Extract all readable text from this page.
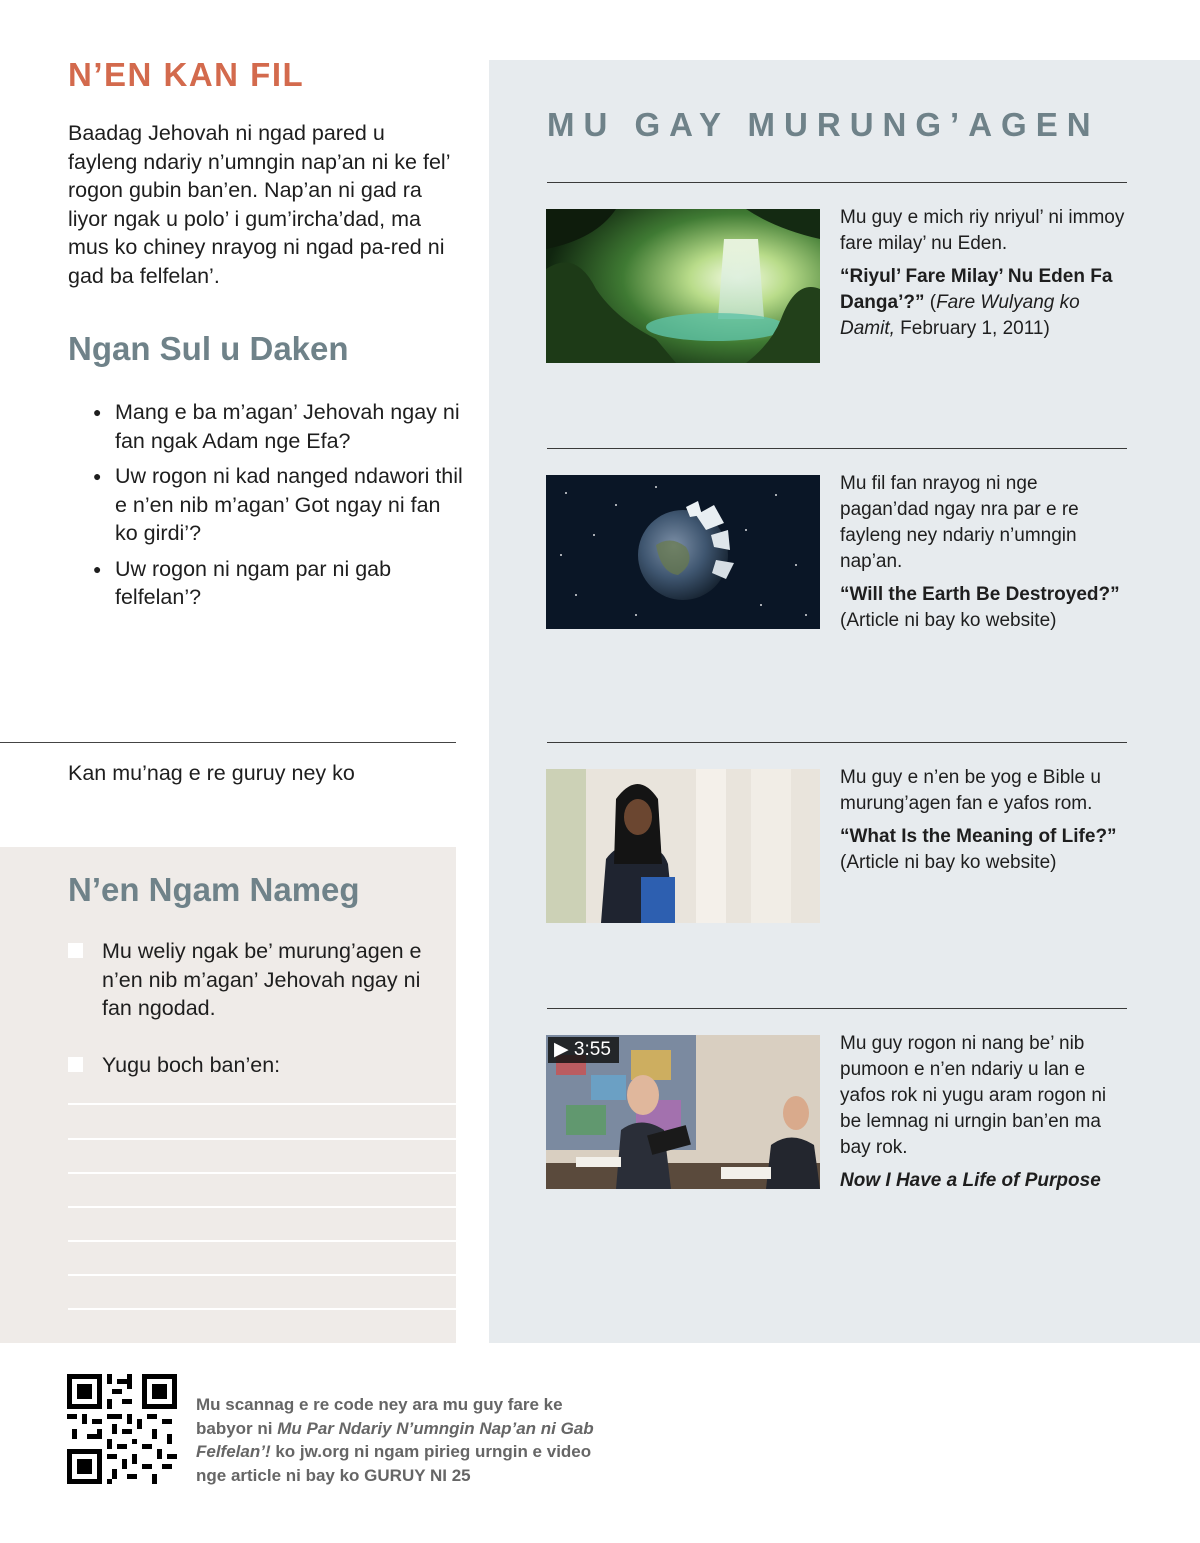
N’EN KAN FIL

Baadag Jehovah ni ngad pared u fayleng ndariy n’umngin nap’an ni ke fel’ rogon gubin ban’en. Nap’an ni gad ra liyor ngak u polo’ i gum’ircha’dad, ma mus ko chiney nrayog ni ngad pa-red ni gad ba felfelan’.

Ngan Sul u Daken
● Mang e ba m’agan’ Jehovah ngay ni fan ngak Adam nge Efa?
● Uw rogon ni kad nanged ndawori thil e n’en nib m’agan’ Got ngay ni fan ko girdi’?
● Uw rogon ni ngam par ni gab felfelan’?
Kan mu’nag e re guruy ney ko
N’en Ngam Nameg
Mu weliy ngak be’ murung’agen e n’en nib m’agan’ Jehovah ngay ni fan ngodad.
Yugu boch ban’en:
MU GAY MURUNG’AGEN
Mu guy e mich riy nriyul’ ni immoy fare milay’ nu Eden.
“Riyul’ Fare Milay’ Nu Eden Fa Danga’?” (Fare Wulyang ko Damit, February 1, 2011)
Mu fil fan nrayog ni nge pagan’dad ngay nra par e re fayleng ney ndariy n’umngin nap’an.
“Will the Earth Be Destroyed?”
(Article ni bay ko website)
Mu guy e n’en be yog e Bible u murung’agen fan e yafos rom.
“What Is the Meaning of Life?” (Article ni bay ko website)
▶ 3:55	Mu guy rogon ni nang be’ nib pumoon e n’en ndariy u lan e yafos rok ni yugu aram rogon ni be lemnag ni urngin ban’en ma bay rok.
Now I Have a Life of Purpose

Mu scannag e re code ney ara mu guy fare ke babyor ni Mu Par Ndariy N’umngin Nap’an ni Gab Felfelan’! ko jw.org ni ngam pirieg urngin e video nge article ni bay ko GURUY NI 25
